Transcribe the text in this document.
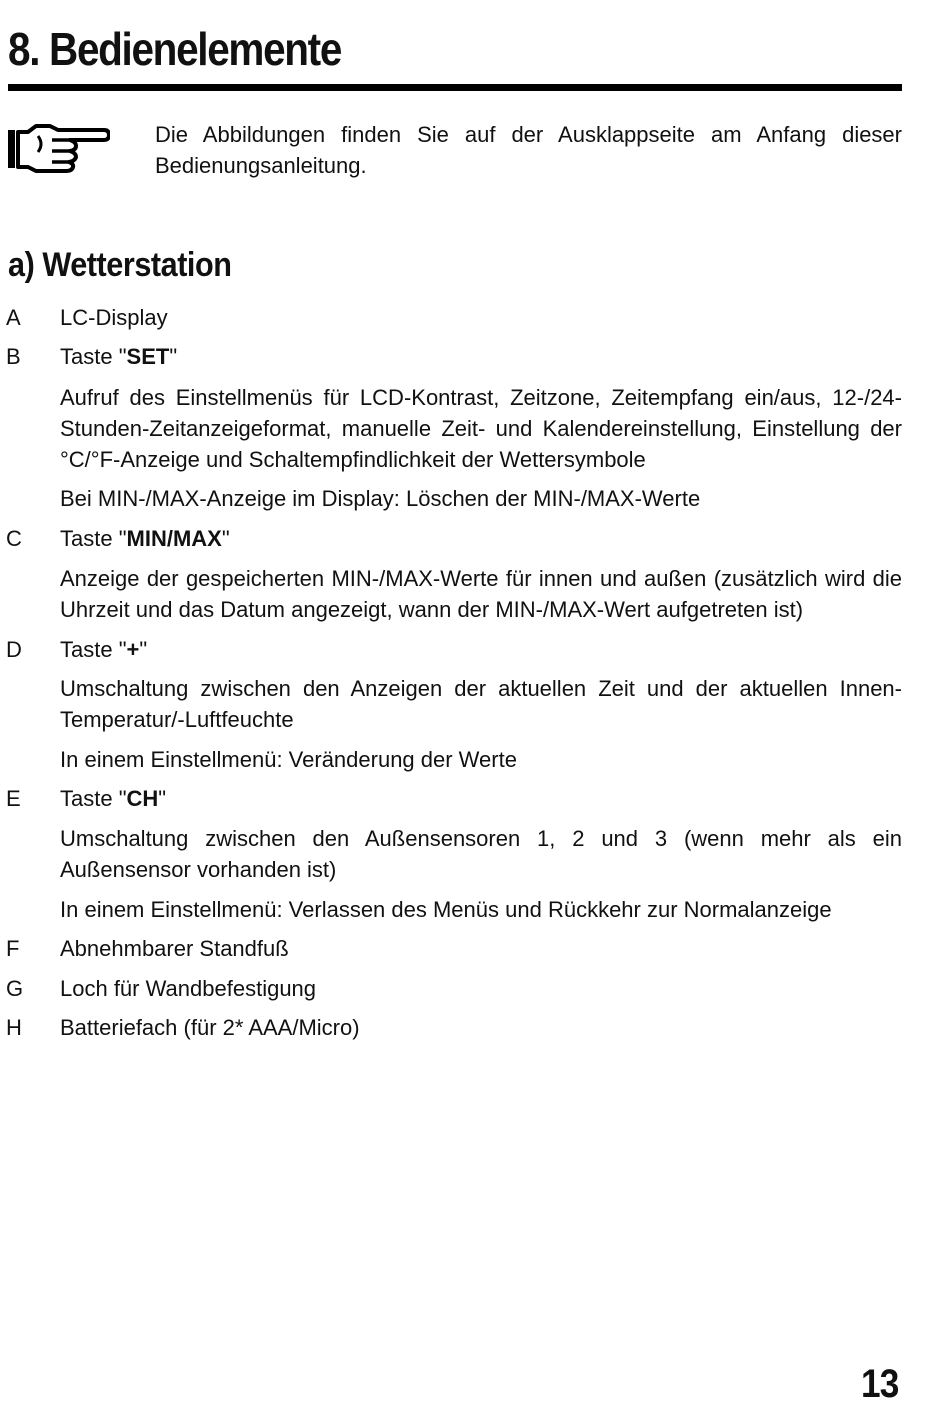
8. Bedienelemente
Die Abbildungen finden Sie auf der Ausklappseite am Anfang dieser Bedienungsanleitung.
a) Wetterstation
A LC-Display
B Taste "SET"
Aufruf des Einstellmenüs für LCD-Kontrast, Zeitzone, Zeitempfang ein/aus, 12-/24-Stunden-Zeitanzeigeformat, manuelle Zeit- und Kalendereinstellung, Einstellung der °C/°F-Anzeige und Schaltempfindlichkeit der Wettersymbole
Bei MIN-/MAX-Anzeige im Display: Löschen der MIN-/MAX-Werte
C Taste "MIN/MAX"
Anzeige der gespeicherten MIN-/MAX-Werte für innen und außen (zusätzlich wird die Uhrzeit und das Datum angezeigt, wann der MIN-/MAX-Wert aufgetreten ist)
D Taste "+"
Umschaltung zwischen den Anzeigen der aktuellen Zeit und der aktuellen Innen-Temperatur/-Luftfeuchte
In einem Einstellmenü: Veränderung der Werte
E Taste "CH"
Umschaltung zwischen den Außensensoren 1, 2 und 3 (wenn mehr als ein Außensensor vorhanden ist)
In einem Einstellmenü: Verlassen des Menüs und Rückkehr zur Normalanzeige
F Abnehmbarer Standfuß
G Loch für Wandbefestigung
H Batteriefach (für 2* AAA/Micro)
13
